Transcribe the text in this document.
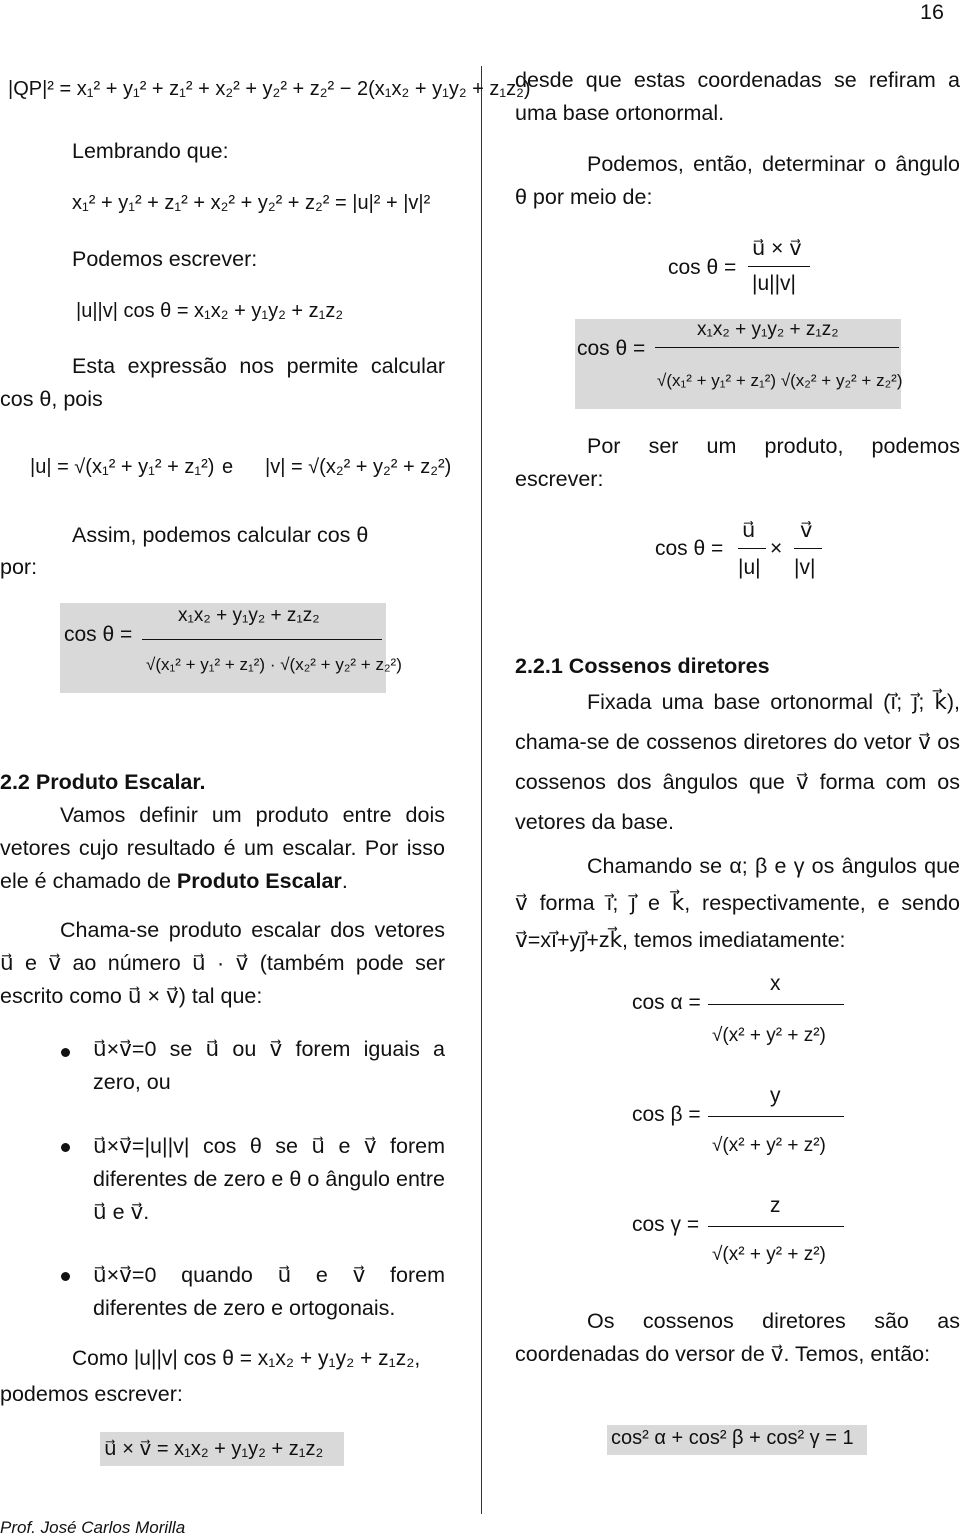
16
|QP|² = x₁² + y₁² + z₁² + x₂² + y₂² + z₂² − 2(x₁x₂ + y₁y₂ + z₁z₂)
Lembrando que:
x₁² + y₁² + z₁² + x₂² + y₂² + z₂² = |u|² + |v|²
Podemos escrever:
|u||v| cos θ = x₁x₂ + y₁y₂ + z₁z₂
Esta expressão nos permite calcular cos θ, pois
|u| = √(x₁² + y₁² + z₁²) e |v| = √(x₂² + y₂² + z₂²)
Assim, podemos calcular cos θ
por:
cos θ =
x₁x₂ + y₁y₂ + z₁z₂
√(x₁² + y₁² + z₁²) · √(x₂² + y₂² + z₂²)
2.2 Produto Escalar.
Vamos definir um produto entre dois vetores cujo resultado é um escalar. Por isso ele é chamado de Produto Escalar.
Chama-se produto escalar dos vetores u⃗ e v⃗ ao número u⃗ · v⃗ (também pode ser escrito como u⃗ × v⃗) tal que:
u⃗×v⃗=0 se u⃗ ou v⃗ forem iguais a zero, ou
u⃗×v⃗=|u||v| cos θ se u⃗ e v⃗ forem diferentes de zero e θ o ângulo entre u⃗ e v⃗.
u⃗×v⃗=0 quando u⃗ e v⃗ forem diferentes de zero e ortogonais.
Como |u||v| cos θ = x₁x₂ + y₁y₂ + z₁z₂,
podemos escrever:
u⃗ × v⃗ = x₁x₂ + y₁y₂ + z₁z₂
desde que estas coordenadas se refiram a uma base ortonormal.
Podemos, então, determinar o ângulo θ por meio de:
cos θ =
u⃗ × v⃗
|u||v|
cos θ =
x₁x₂ + y₁y₂ + z₁z₂
√(x₁² + y₁² + z₁²) √(x₂² + y₂² + z₂²)
Por ser um produto, podemos escrever:
cos θ =
u⃗
|u|
×
v⃗
|v|
2.2.1 Cossenos diretores
Fixada uma base ortonormal (i⃗; j⃗; k⃗), chama-se de cossenos diretores do vetor v⃗ os cossenos dos ângulos que v⃗ forma com os vetores da base.
Chamando se α; β e γ os ângulos que v⃗ forma i⃗; j⃗ e k⃗, respectivamente, e sendo v⃗=xi⃗+yj⃗+zk⃗, temos imediatamente:
cos α =
x
√(x² + y² + z²)
cos β =
y
√(x² + y² + z²)
cos γ =
z
√(x² + y² + z²)
Os cossenos diretores são as coordenadas do versor de v⃗. Temos, então:
cos² α + cos² β + cos² γ = 1
Prof. José Carlos Morilla
